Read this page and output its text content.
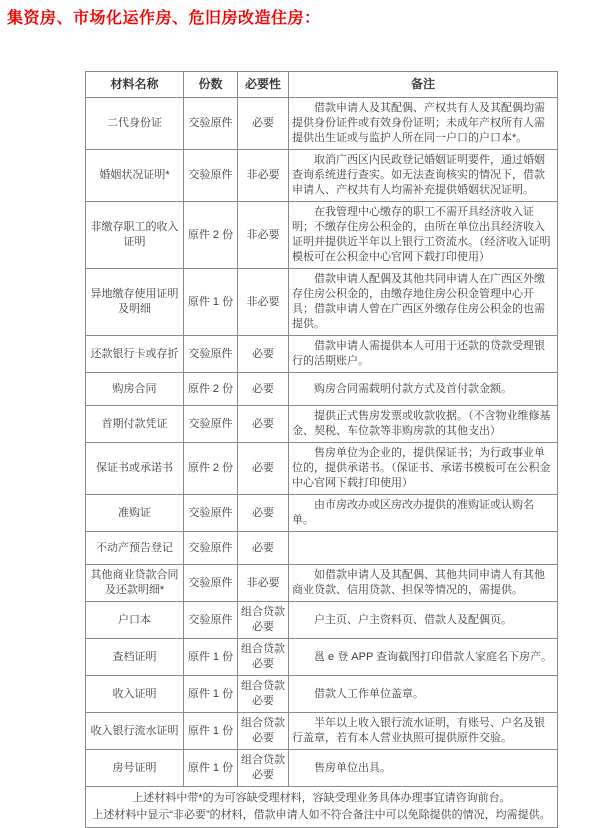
集资房、市场化运作房、危旧房改造住房：
材料名称	份数	必要性	备注
二代身份证	交验原件	必要	借款申请人及其配偶、产权共有人及其配偶均需提供身份证件或有效身份证明；未成年产权所有人需提供出生证或与监护人所在同一户口的户口本*。

婚姻状况证明*	交验原件	非必要	取消广西区内民政登记婚姻证明要件，通过婚姻查询系统进行查实。如无法查询核实的情况下，借款申请人、产权共有人均需补充提供婚姻状况证明。

非缴存职工的收入证明	原件 2 份	非必要	在我管理中心缴存的职工不需开具经济收入证明；不缴存住房公积金的，由所在单位出具经济收入证明并提供近半年以上银行工资流水。（经济收入证明模板可在公积金中心官网下载打印使用）

异地缴存使用证明及明细	原件 1 份	非必要	借款申请人配偶及其他共同申请人在广西区外缴存住房公积金的，由缴存地住房公积金管理中心开具；借款申请人曾在广西区外缴存住房公积金的也需提供。

还款银行卡或存折	交验原件	必要	借款申请人需提供本人可用于还款的贷款受理银行的活期账户。

购房合同	原件 2 份	必要	购房合同需载明付款方式及首付款金额。

首期付款凭证	交验原件	必要	提供正式售房发票或收款收据。（不含物业维修基金、契税、车位款等非购房款的其他支出）

保证书或承诺书	原件 2 份	必要	售房单位为企业的，提供保证书；为行政事业单位的，提供承诺书。（保证书、承诺书模板可在公积金中心官网下载打印使用）

准购证	交验原件	必要	由市房改办或区房改办提供的准购证或认购名单。

不动产预告登记	交验原件	必要	

其他商业贷款合同及还款明细*	交验原件	非必要	如借款申请人及其配偶、其他共同申请人有其他商业贷款、信用贷款、担保等情况的，需提供。

户口本	交验原件	组合贷款必要	户主页、户主资料页、借款人及配偶页。

查档证明	原件 1 份	组合贷款必要	邕 e 登 APP 查询截图打印借款人家庭名下房产。

收入证明	原件 1 份	组合贷款必要	借款人工作单位盖章。

收入银行流水证明	原件 1 份	组合贷款必要	半年以上收入银行流水证明，有账号、户名及银行盖章，若有本人营业执照可提供原件交验。

房号证明	原件 1 份	组合贷款必要	售房单位出具。

上述材料中带*的为可容缺受理材料，容缺受理业务具体办理事宜请咨询前台。
上述材料中显示“非必要”的材料，借款申请人如不符合备注中可以免除提供的情况，均需提供。			
